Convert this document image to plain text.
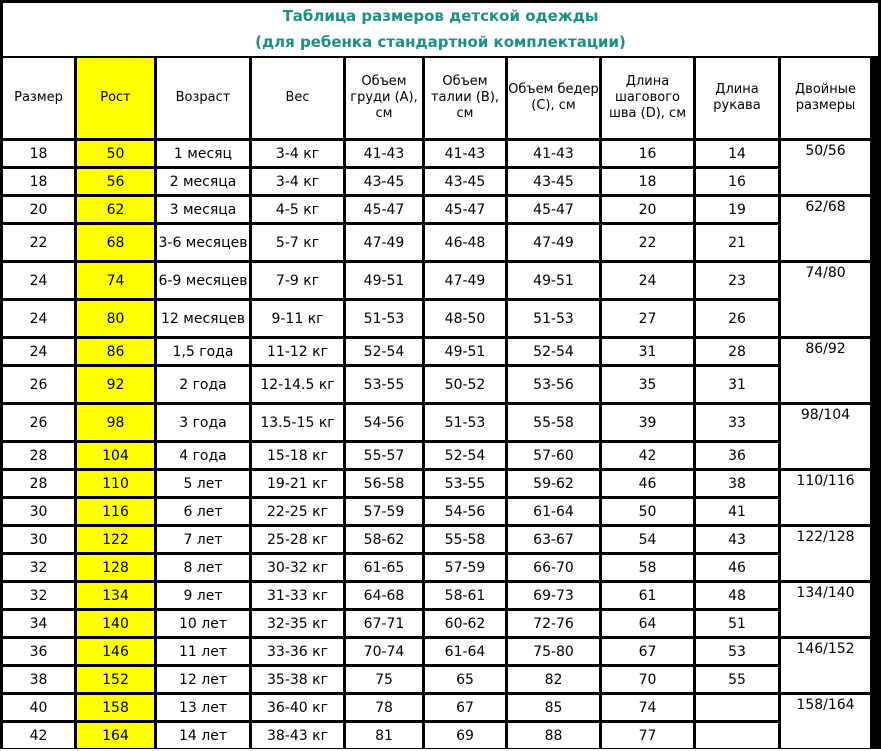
Таблица размеров детской одежды
(для ребенка стандартной комплектации)
Размер	Рост	Возраст	Вес	Объем груди (А), см	Объем талии (В), см	Объем бедер (С), см	Длина шагового шва (D), см	Длина рукава	Двойные размеры
18	50	1 месяц	3-4 кг	41-43	41-43	41-43	16	14	50/56
18	56	2 месяца	3-4 кг	43-45	43-45	43-45	18	16	
20	62	3 месяца	4-5 кг	45-47	45-47	45-47	20	19	62/68
22	68	3-6 месяцев	5-7 кг	47-49	46-48	47-49	22	21	
24	74	6-9 месяцев	7-9 кг	49-51	47-49	49-51	24	23	74/80
24	80	12 месяцев	9-11 кг	51-53	48-50	51-53	27	26	
24	86	1,5 года	11-12 кг	52-54	49-51	52-54	31	28	86/92
26	92	2 года	12-14.5 кг	53-55	50-52	53-56	35	31	
26	98	3 года	13.5-15 кг	54-56	51-53	55-58	39	33	98/104
28	104	4 года	15-18 кг	55-57	52-54	57-60	42	36	
28	110	5 лет	19-21 кг	56-58	53-55	59-62	46	38	110/116
30	116	6 лет	22-25 кг	57-59	54-56	61-64	50	41	
30	122	7 лет	25-28 кг	58-62	55-58	63-67	54	43	122/128
32	128	8 лет	30-32 кг	61-65	57-59	66-70	58	46	
32	134	9 лет	31-33 кг	64-68	58-61	69-73	61	48	134/140
34	140	10 лет	32-35 кг	67-71	60-62	72-76	64	51	
36	146	11 лет	33-36 кг	70-74	61-64	75-80	67	53	146/152
38	152	12 лет	35-38 кг	75	65	82	70	55	
40	158	13 лет	36-40 кг	78	67	85	74		158/164
42	164	14 лет	38-43 кг	81	69	88	77		
